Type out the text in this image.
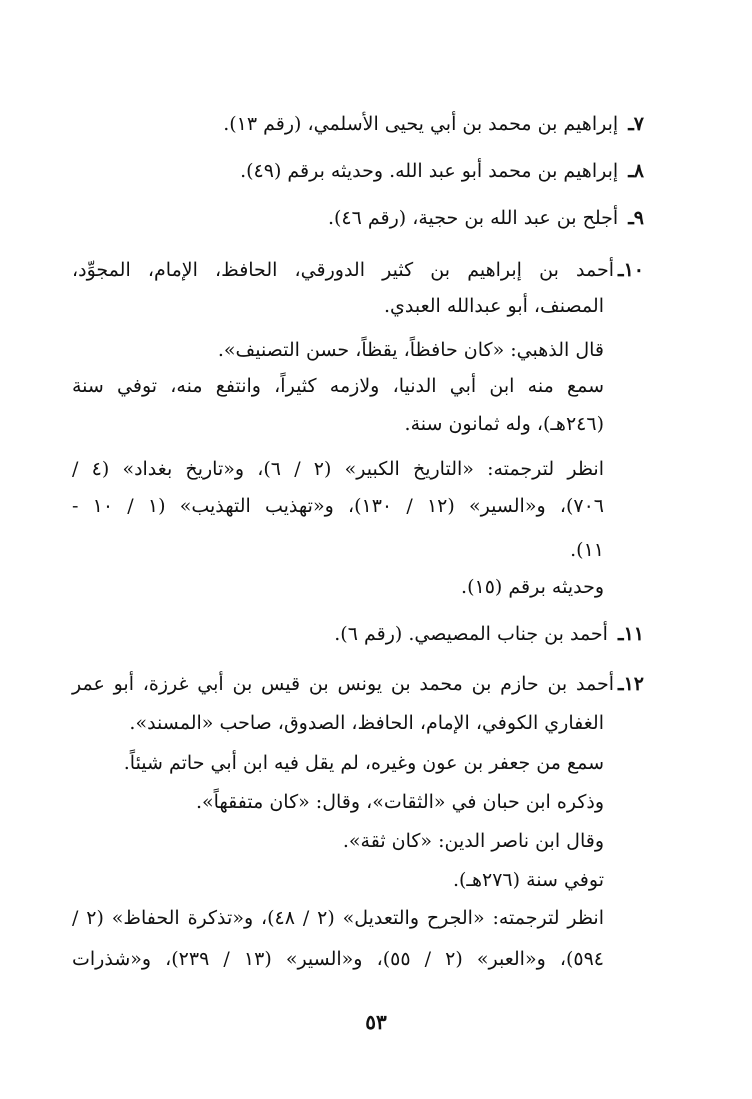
٧ـ إبراهيم بن محمد بن أبي يحيى الأسلمي، (رقم ١٣).
٨ـ إبراهيم بن محمد أبو عبد الله. وحديثه برقم (٤٩).
٩ـ أجلح بن عبد الله بن حجية، (رقم ٤٦).
١٠ـأحمد بن إبراهيم بن كثير الدورقي، الحافظ، الإمام، المجوِّد،
المصنف، أبو عبدالله العبدي.
قال الذهبي: «كان حافظاً، يقظاً، حسن التصنيف».
سمع منه ابن أبي الدنيا، ولازمه كثيراً، وانتفع منه، توفي سنة
(٢٤٦هـ)، وله ثمانون سنة.
انظر لترجمته: «التاريخ الكبير» (٢ / ٦)، و«تاريخ بغداد» (٤ /
٧٠٦)، و«السير» (١٢ / ١٣٠)، و«تهذيب التهذيب» (١ / ١٠ -
١١).
وحديثه برقم (١٥).
١١ـ أحمد بن جناب المصيصي. (رقم ٦).
١٢ـأحمد بن حازم بن محمد بن يونس بن قيس بن أبي غرزة، أبو عمر
الغفاري الكوفي، الإمام، الحافظ، الصدوق، صاحب «المسند».
سمع من جعفر بن عون وغيره، لم يقل فيه ابن أبي حاتم شيئاً.
وذكره ابن حبان في «الثقات»، وقال: «كان متفقهاً».
وقال ابن ناصر الدين: «كان ثقة».
توفي سنة (٢٧٦هـ).
انظر لترجمته: «الجرح والتعديل» (٢ / ٤٨)، و«تذكرة الحفاظ» (٢ /
٥٩٤)، و«العبر» (٢ / ٥٥)، و«السير» (١٣ / ٢٣٩)، و«شذرات
٥٣
